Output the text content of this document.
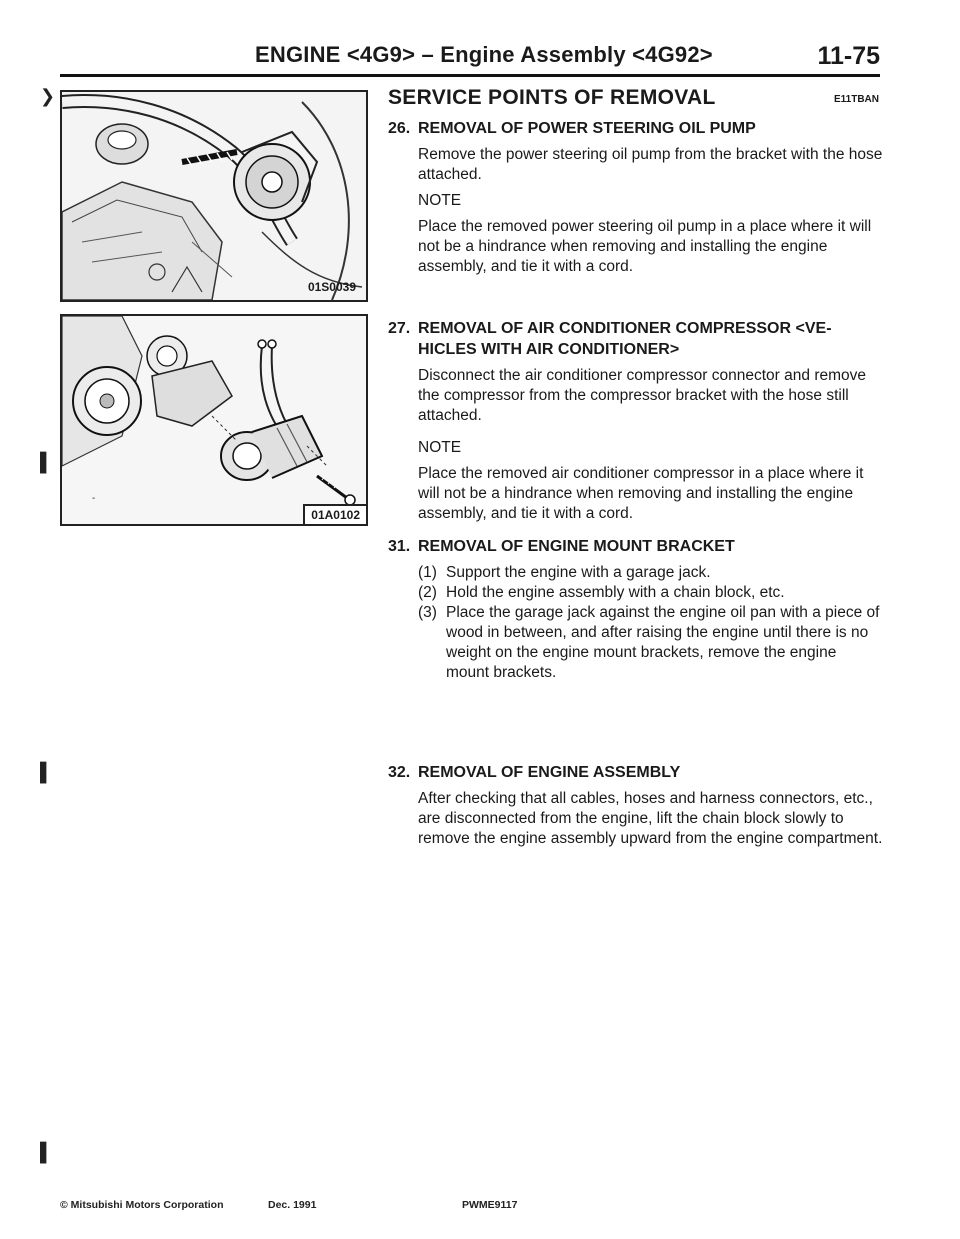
ENGINE <4G9> – Engine Assembly <4G92>	11-75
❯
▌
▌
▌
01S0039
-
01A0102
SERVICE POINTS OF REMOVAL	E11TBAN
26. REMOVAL OF POWER STEERING OIL PUMP

Remove the power steering oil pump from the bracket with the hose attached.

NOTE

Place the removed power steering oil pump in a place where it will not be a hindrance when removing and installing the engine assembly, and tie it with a cord.

27. REMOVAL OF AIR CONDITIONER COMPRESSOR <VE-
HICLES WITH AIR CONDITIONER>

Disconnect the air conditioner compressor connector and remove the compressor from the compressor bracket with the hose still attached.

NOTE

Place the removed air conditioner compressor in a place where it will not be a hindrance when removing and installing the engine assembly, and tie it with a cord.

31. REMOVAL OF ENGINE MOUNT BRACKET
(1) Support the engine with a garage jack.
(2) Hold the engine assembly with a chain block, etc.
(3) Place the garage jack against the engine oil pan with a piece of wood in between, and after raising the engine until there is no weight on the engine mount brackets, remove the engine mount brackets.
32. REMOVAL OF ENGINE ASSEMBLY

After checking that all cables, hoses and harness connectors, etc., are disconnected from the engine, lift the chain block slowly to remove the engine assembly upward from the engine compartment.

© Mitsubishi Motors Corporation	Dec. 1991	PWME9117
